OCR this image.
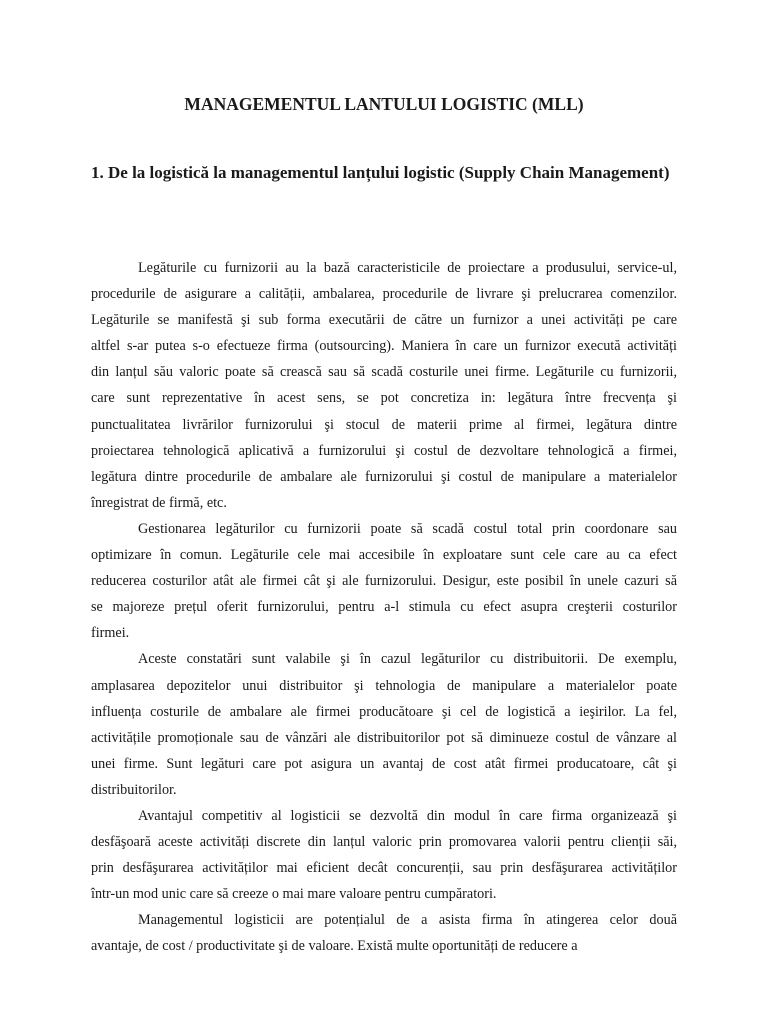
MANAGEMENTUL LANTULUI LOGISTIC (MLL)
1. De la logistică la managementul lanțului logistic (Supply Chain Management)
Legăturile cu furnizorii au la bază caracteristicile de proiectare a produsului, service-ul,
procedurile de asigurare a calității, ambalarea, procedurile de livrare şi prelucrarea comenzilor.
Legăturile se manifestă şi sub forma executării de către un furnizor a unei activități pe care
altfel s-ar putea s-o efectueze firma (outsourcing). Maniera în care un furnizor execută activități
din lanțul său valoric poate să crească sau să scadă costurile unei firme. Legăturile cu furnizorii,
care sunt reprezentative în acest sens, se pot concretiza in: legătura între frecvența şi
punctualitatea livrărilor furnizorului şi stocul de materii prime al firmei, legătura dintre
proiectarea tehnologică aplicativă a furnizorului şi costul de dezvoltare tehnologică a firmei,
legătura dintre procedurile de ambalare ale furnizorului şi costul de manipulare a materialelor
înregistrat de firmă, etc.
Gestionarea legăturilor cu furnizorii poate să scadă costul total prin coordonare sau
optimizare în comun. Legăturile cele mai accesibile în exploatare sunt cele care au ca efect
reducerea costurilor atât ale firmei cât şi ale furnizorului. Desigur, este posibil în unele cazuri să
se majoreze prețul oferit furnizorului, pentru a-l stimula cu efect asupra creşterii costurilor
firmei.
Aceste constatări sunt valabile şi în cazul legăturilor cu distribuitorii. De exemplu,
amplasarea depozitelor unui distribuitor şi tehnologia de manipulare a materialelor poate
influența costurile de ambalare ale firmei producătoare şi cel de logistică a ieşirilor. La fel,
activitățile promoționale sau de vânzări ale distribuitorilor pot să diminueze costul de vânzare al
unei firme. Sunt legături care pot asigura un avantaj de cost atât firmei producatoare, cât şi
distribuitorilor.
Avantajul competitiv al logisticii se dezvoltă din modul în care firma organizează şi
desfăşoară aceste activități discrete din lanțul valoric prin promovarea valorii pentru clienții săi,
prin desfăşurarea activităților mai eficient decât concurenții, sau prin desfăşurarea activităților
într-un mod unic care să creeze o mai mare valoare pentru cumpăratori.
Managementul logisticii are potențialul de a asista firma în atingerea celor două
avantaje, de cost / productivitate şi de valoare. Există multe oportunități de reducere a
